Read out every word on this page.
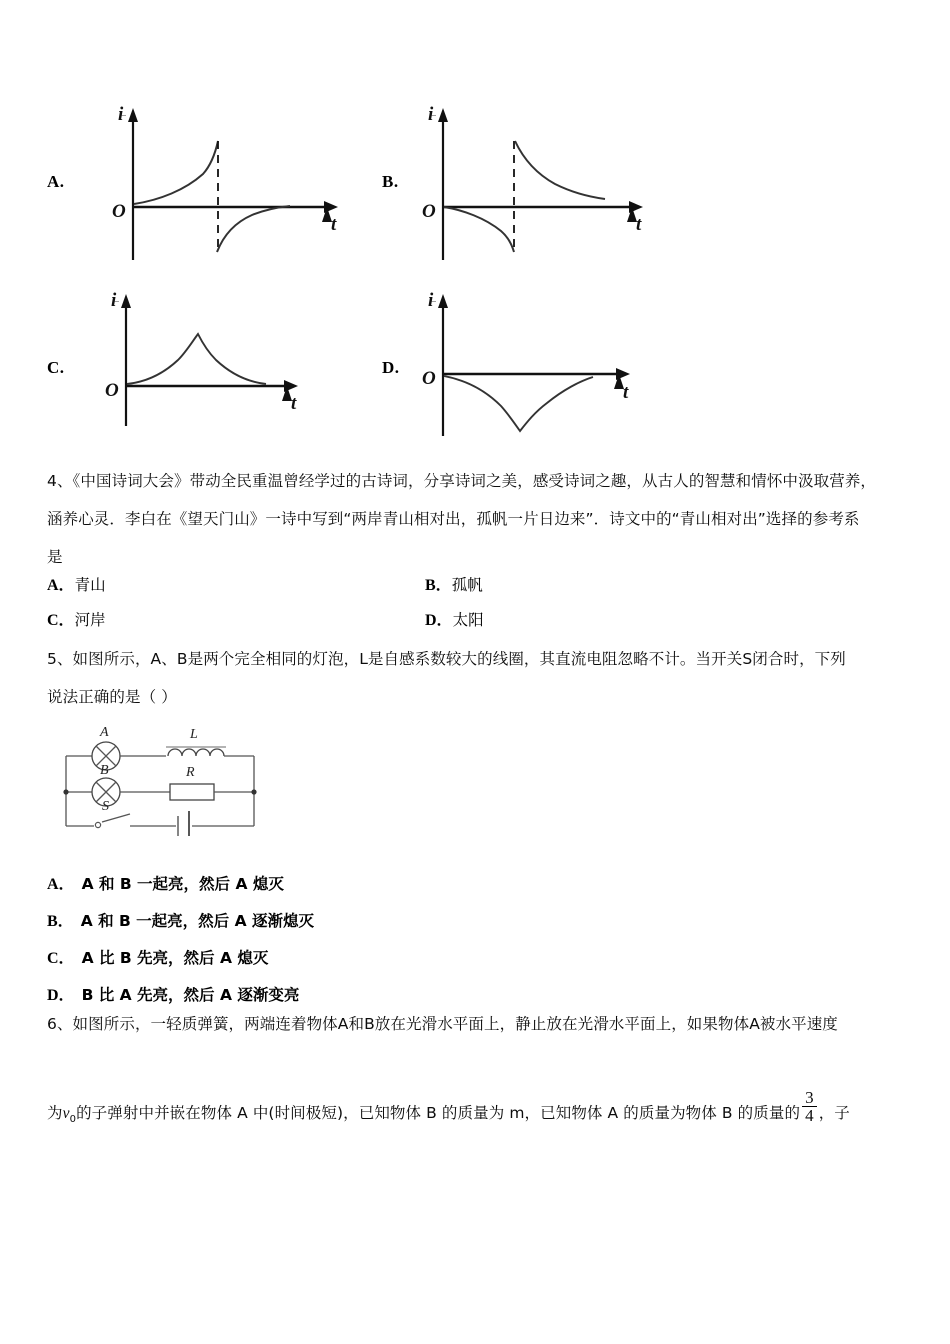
A.
i
‾
O
t
B.
i
‾
O
t
C.
i
‾
O
t
D.
i
‾
O
t
4、《中国诗词大会》带动全民重温曾经学过的古诗词，分享诗词之美，感受诗词之趣，从古人的智慧和情怀中汲取营养，
涵养心灵．李白在《望天门山》一诗中写到“两岸青山相对出，孤帆一片日边来”．诗文中的“青山相对出”选择的参考系
是
A．青山	B．孤帆
C．河岸	D．太阳
5、如图所示，A、B是两个完全相同的灯泡，L是自感系数较大的线圈，其直流电阻忽略不计。当开关S闭合时，下列
说法正确的是（ ）
A	L
B	R
S
A． A 和 B 一起亮，然后 A 熄灭
B． A 和 B 一起亮，然后 A 逐渐熄灭
C． A 比 B 先亮，然后 A 熄灭
D． B 比 A 先亮，然后 A 逐渐变亮
6、如图所示，一轻质弹簧，两端连着物体A和B放在光滑水平面上，静止放在光滑水平面上，如果物体A被水平速度
为$v_0$的子弹射中并嵌在物体 A 中(时间极短)，已知物体 B 的质量为 m，已知物体 A 的质量为物体 B 的质量的 $\frac{3}{4}$ ，子
